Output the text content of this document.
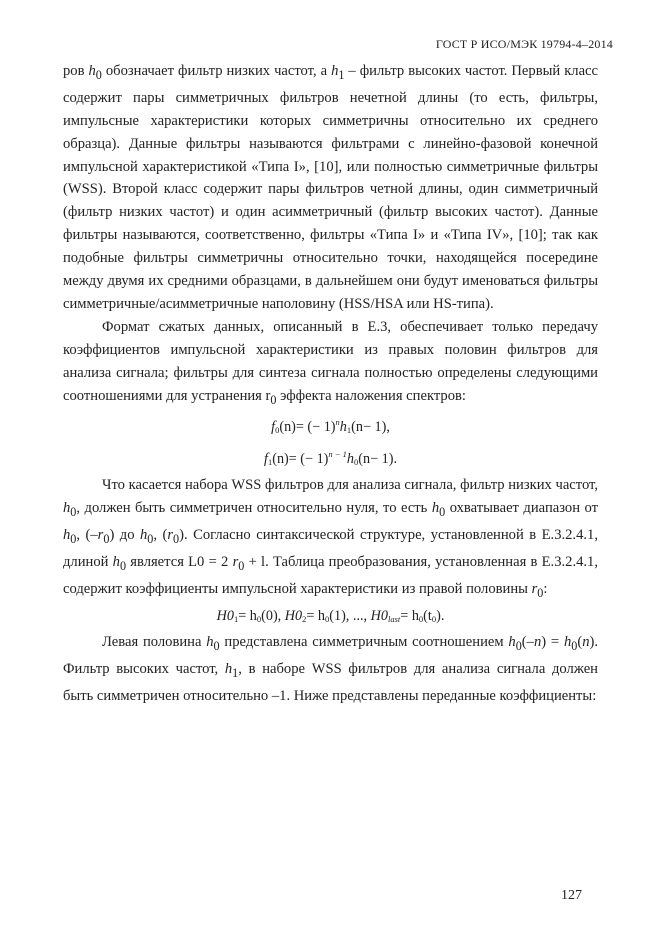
ГОСТ Р ИСО/МЭК 19794-4–2014

ров $h_0$ обозначает фильтр низких частот, а $h_1$ – фильтр высоких частот. Первый класс содержит пары симметричных фильтров нечетной длины (то есть, фильтры, импульсные характеристики которых симметричны относительно их среднего образца). Данные фильтры называются фильтрами с линейно-фазовой конечной импульсной характеристикой «Типа I», [10], или полностью симметричные фильтры (WSS). Второй класс содержит пары фильтров четной длины, один симметричный (фильтр низких частот) и один асимметричный (фильтр высоких частот). Данные фильтры называются, соответственно, фильтры «Типа I» и «Типа IV», [10]; так как подобные фильтры симметричны относительно точки, находящейся посередине между двумя их средними образцами, в дальнейшем они будут именоваться фильтры симметричные/асимметричные наполовину (HSS/HSA или HS-типа).

Формат сжатых данных, описанный в E.3, обеспечивает только передачу коэффициентов импульсной характеристики из правых половин фильтров для анализа сигнала; фильтры для синтеза сигнала полностью определены следующими соотношениями для устранения $r_0$ эффекта наложения спектров:

$f_0(n)=$ (− $1)^nh_1(n- 1)$,

$f_1(n)=$ (− $1)^{n - 1}h_0(n- 1)$.

Что касается набора WSS фильтров для анализа сигнала, фильтр низких частот, $h_0$, должен быть симметричен относительно нуля, то есть $h_0$ охватывает диапазон от $h_0$, $(-r_0)$ до $h_0$, $(r_0)$. Согласно синтаксической структуре, установленной в E.3.2.4.1, длиной $h_0$ является L0 = 2 $r_0 + l$. Таблица преобразования, установленная в E.3.2.4.1, содержит коэффициенты импульсной характеристики из правой половины $r_0$:

$H0_1= h_0(0)$, $H0_2= h_0(1)$, ..., $H0_{last}= h_0(t_0)$.

Левая половина $h_0$ представлена симметричным соотношением $h_0(-n) = h_0(n)$. Фильтр высоких частот, $h_1$, в наборе WSS фильтров для анализа сигнала должен быть симметричен относительно –1. Ниже представлены переданные коэффициенты:

127
